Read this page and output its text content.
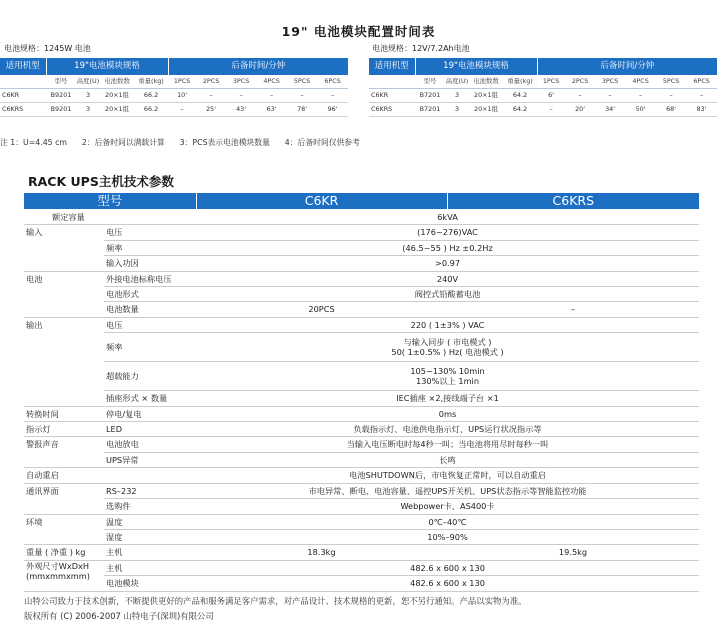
19" 电池模块配置时间表
电池规格：1245W 电池
适用机型	19"电池模块规格				后备时间/分钟					
	型号	高度(U)	电池数数	重量(kg)	1PCS	2PCS	3PCS	4PCS	5PCS	6PCS
C6KR	B9201	3	20×1组	66.2	10'	–	–	–	–	–
C6KRS	B9201	3	20×1组	66.2	–	25'	43'	63'	78'	96'
电池规格：12V/7.2Ah电池
适用机型	19"电池模块规格				后备时间/分钟					
	型号	高度(U)	电池数数	重量(kg)	1PCS	2PCS	3PCS	4PCS	5PCS	6PCS
C6KR	B7201	3	20×1组	64.2	6'	–	–	–	–	–
C6KRS	B7201	3	20×1组	64.2	–	20'	34'	50'	68'	83'
注 1：U=4.45 cm      2：后备时间以满载计算      3：PCS表示电池模块数量      4：后备时间仅供参考
RACK UPS主机技术参数
型号		C6KR	C6KRS
额定容量		6kVA	
输入	电压	(176~276)VAC	
	频率	(46.5~55 ) Hz ±0.2Hz	
	输入功因	>0.97	
电池	外接电池标称电压	240V	
	电池形式	阀控式铅酸蓄电池	
	电池数量	20PCS	–
输出	电压	220 ( 1±3% ) VAC	
	频率	与输入同步 ( 市电模式 )
50( 1±0.5% ) Hz( 电池模式 )	
	超载能力	105~130% 10min
130%以上 1min	
	插座形式 × 数量	IEC插座 ×2,接线端子台 ×1	
转换时间	停电/复电	0ms	
指示灯	LED	负载指示灯、电池供电指示灯、UPS运行状况指示等	
警报声音	电池放电	当输入电压断电时每4秒一叫；当电池将用尽时每秒一叫	
	UPS异常	长鸣	
自动重启		电池SHUTDOWN后，市电恢复正常时，可以自动重启	
通讯界面	RS–232	市电异常、断电、电池容量、遥控UPS开关机、UPS状态指示等智能监控功能	
	选购件	Webpower卡、AS400卡	
环境	温度	0℃–40℃	
	湿度	10%–90%	
重量 ( 净重 ) kg	主机	18.3kg	19.5kg
外观尺寸WxDxH
(mmxmmxmm)	主机	482.6 x 600 x 130	
	电池模块	482.6 x 600 x 130	
山特公司致力于技术创新，不断提供更好的产品和服务满足客户需求，对产品设计、技术规格的更新，恕不另行通知。产品以实物为准。
版权所有 (C) 2006-2007 山特电子(深圳)有限公司
